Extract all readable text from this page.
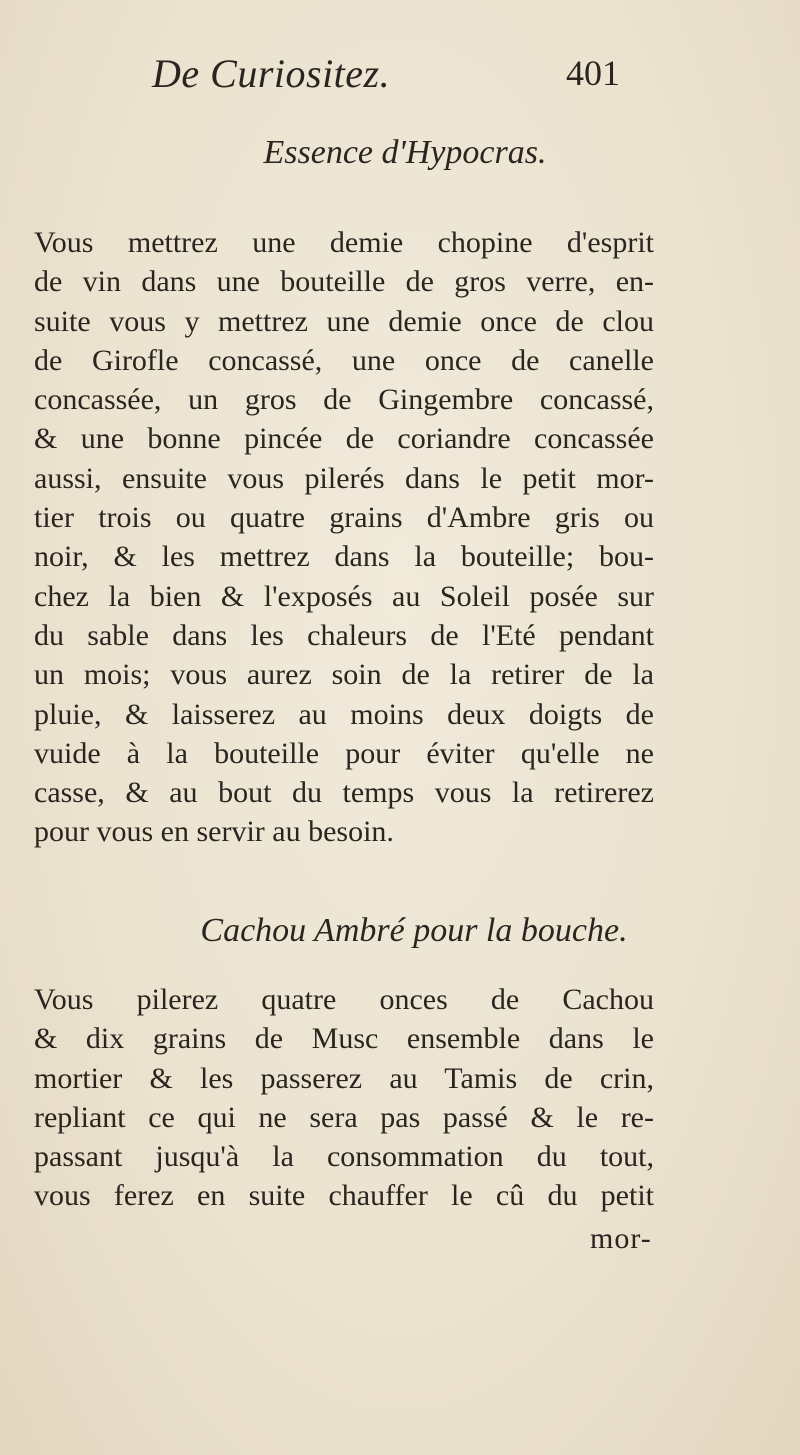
De Curiositez.	401
Essence d'Hypocras.
Vous mettrez une demie chopine d'esprit
de vin dans une bouteille de gros verre, en-
suite vous y mettrez une demie once de clou
de Girofle concassé, une once de canelle
concassée, un gros de Gingembre concassé,
& une bonne pincée de coriandre concassée
aussi, ensuite vous pilerés dans le petit mor-
tier trois ou quatre grains d'Ambre gris ou
noir, & les mettrez dans la bouteille; bou-
chez la bien & l'exposés au Soleil posée sur
du sable dans les chaleurs de l'Eté pendant
un mois; vous aurez soin de la retirer de la
pluie, & laisserez au moins deux doigts de
vuide à la bouteille pour éviter qu'elle ne
casse, & au bout du temps vous la retirerez
pour vous en servir au besoin.
Cachou Ambré pour la bouche.
Vous pilerez quatre onces de Cachou
& dix grains de Musc ensemble dans le
mortier & les passerez au Tamis de crin,
repliant ce qui ne sera pas passé & le re-
passant jusqu'à la consommation du tout,
vous ferez en suite chauffer le cû du petit
mor-
